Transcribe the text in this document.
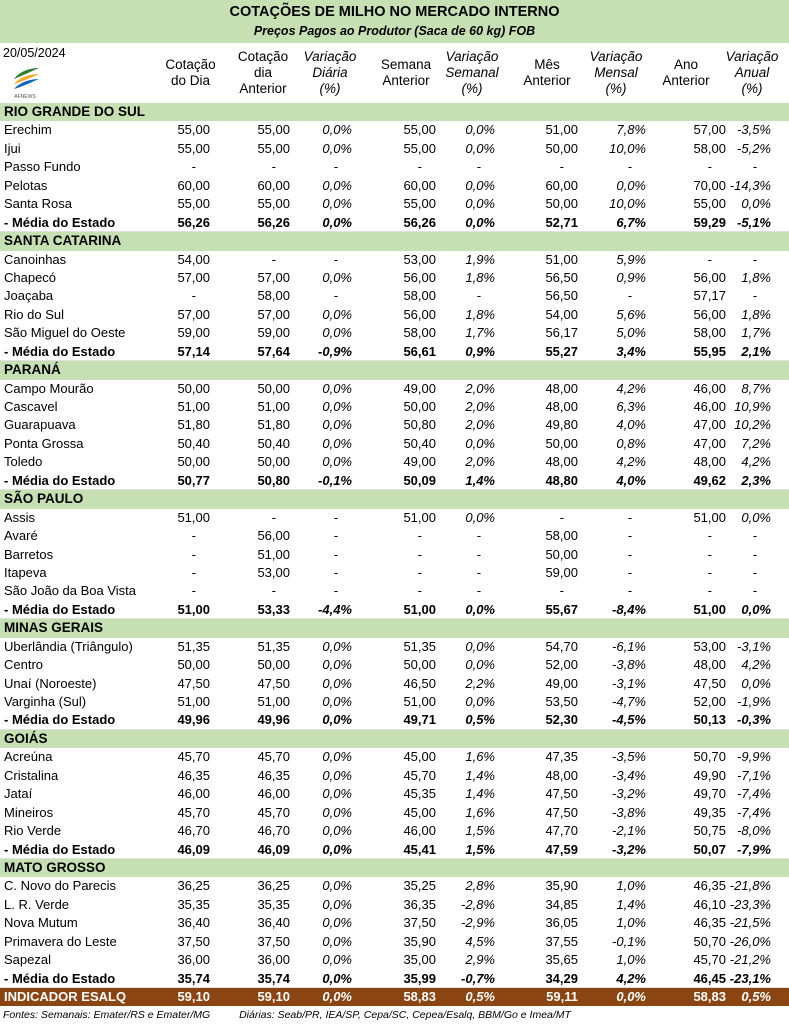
COTAÇÕES DE MILHO NO MERCADO INTERNO
Preços Pagos ao Produtor (Saca de 60 kg) FOB
20/05/2024
AFNEWS
Cotação
do Dia
Cotação
dia
Anterior
Variação
Diária
(%)
Semana
Anterior
Variação
Semanal
(%)
Mês
Anterior
Variação
Mensal
(%)
Ano
Anterior
Variação
Anual
(%)
RIO GRANDE DO SUL
Erechim	55,00	55,00 0,0%	55,00 0,0%	51,00	7,8%	57,00 -3,5%
Ijui	55,00	55,00 0,0%	55,00 0,0%	50,00 10,0%	58,00 -5,2%
Passo Fundo	-	-	-	-	-	-	-	-	-
Pelotas	60,00	60,00 0,0%	60,00 0,0%	60,00	0,0%	70,00 -14,3%
Santa Rosa	55,00	55,00 0,0%	55,00 0,0%	50,00 10,0%	55,00 0,0%
- Média do Estado	56,26	56,26 0,0%	56,26 0,0%	52,71	6,7%	59,29 -5,1%
SANTA CATARINA
Canoinhas	54,00	-	-	53,00 1,9%	51,00	5,9%	-	-
Chapecó	57,00	57,00 0,0%	56,00 1,8%	56,50	0,9%	56,00 1,8%
Joaçaba	-	58,00	-	58,00	-	56,50	-	57,17 -
Rio do Sul	57,00	57,00 0,0%	56,00 1,8%	54,00	5,6%	56,00 1,8%
São Miguel do Oeste	59,00	59,00 0,0%	58,00 1,7%	56,17	5,0%	58,00 1,7%
- Média do Estado	57,14	57,64 -0,9%	56,61 0,9%	55,27	3,4%	55,95 2,1%
PARANÁ
Campo Mourão	50,00	50,00 0,0%	49,00 2,0%	48,00	4,2%	46,00 8,7%
Cascavel	51,00	51,00 0,0%	50,00 2,0%	48,00	6,3%	46,00 10,9%
Guarapuava	51,80	51,80 0,0%	50,80 2,0%	49,80	4,0%	47,00 10,2%
Ponta Grossa	50,40	50,40 0,0%	50,40 0,0%	50,00	0,8%	47,00 7,2%
Toledo	50,00	50,00 0,0%	49,00 2,0%	48,00	4,2%	48,00 4,2%
- Média do Estado	50,77	50,80 -0,1%	50,09 1,4%	48,80	4,0%	49,62 2,3%
SÃO PAULO
Assis	51,00	-	-	51,00 0,0%	-	-	51,00 0,0%
Avaré	-	56,00	-	-	-	58,00	-	-	-
Barretos	-	51,00	-	-	-	50,00	-	-	-
Itapeva	-	53,00	-	-	-	59,00	-	-	-
São João da Boa Vista	-	-	-	-	-	-	-	-	-
- Média do Estado	51,00	53,33 -4,4%	51,00 0,0%	55,67	-8,4%	51,00 0,0%
MINAS GERAIS
Uberlândia (Triângulo)	51,35	51,35 0,0%	51,35 0,0%	54,70	-6,1%	53,00 -3,1%
Centro	50,00	50,00 0,0%	50,00 0,0%	52,00	-3,8%	48,00 4,2%
Unaí (Noroeste)	47,50	47,50 0,0%	46,50 2,2%	49,00	-3,1%	47,50 0,0%
Varginha (Sul)	51,00	51,00 0,0%	51,00 0,0%	53,50	-4,7%	52,00 -1,9%
- Média do Estado	49,96	49,96 0,0%	49,71 0,5%	52,30	-4,5%	50,13 -0,3%
GOIÁS
Acreúna	45,70	45,70 0,0%	45,00 1,6%	47,35	-3,5%	50,70 -9,9%
Cristalina	46,35	46,35 0,0%	45,70 1,4%	48,00	-3,4%	49,90 -7,1%
Jataí	46,00	46,00 0,0%	45,35 1,4%	47,50	-3,2%	49,70 -7,4%
Mineiros	45,70	45,70 0,0%	45,00 1,6%	47,50	-3,8%	49,35 -7,4%
Rio Verde	46,70	46,70 0,0%	46,00 1,5%	47,70	-2,1%	50,75 -8,0%
- Média do Estado	46,09	46,09 0,0%	45,41 1,5%	47,59	-3,2%	50,07 -7,9%
MATO GROSSO
C. Novo do Parecis	36,25	36,25 0,0%	35,25 2,8%	35,90	1,0%	46,35 -21,8%
L. R. Verde	35,35	35,35 0,0%	36,35 -2,8%	34,85	1,4%	46,10 -23,3%
Nova Mutum	36,40	36,40 0,0%	37,50 -2,9%	36,05	1,0%	46,35 -21,5%
Primavera do Leste	37,50	37,50 0,0%	35,90 4,5%	37,55	-0,1%	50,70 -26,0%
Sapezal	36,00	36,00 0,0%	35,00 2,9%	35,65	1,0%	45,70 -21,2%
- Média do Estado	35,74	35,74 0,0%	35,99 -0,7%	34,29	4,2%	46,45 -23,1%
INDICADOR ESALQ	59,10	59,10 0,0%	58,83 0,5%	59,11	0,0%	58,83 0,5%
Fontes: Semanais: Emater/RS e Emater/MG	Diárias: Seab/PR, IEA/SP, Cepa/SC, Cepea/Esalq, BBM/Go e Imea/MT
